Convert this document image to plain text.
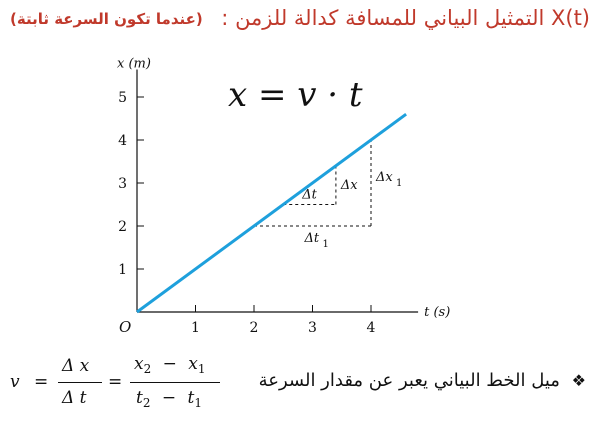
: التمثيل البياني للمسافة كدالة للزمن X(t)
(عندما تكون السرعة ثابتة)
1	2	3	4
1
2
3
4
5
O
t (s)
x (m)
Δt
Δx
Δt 1
Δx 1
x = v · t
ميل الخط البياني يعبر عن مقدار السرعة ❖
v =
Δ x
Δ t
=
$x_2 - x_1$
$t_2 - t_1$
